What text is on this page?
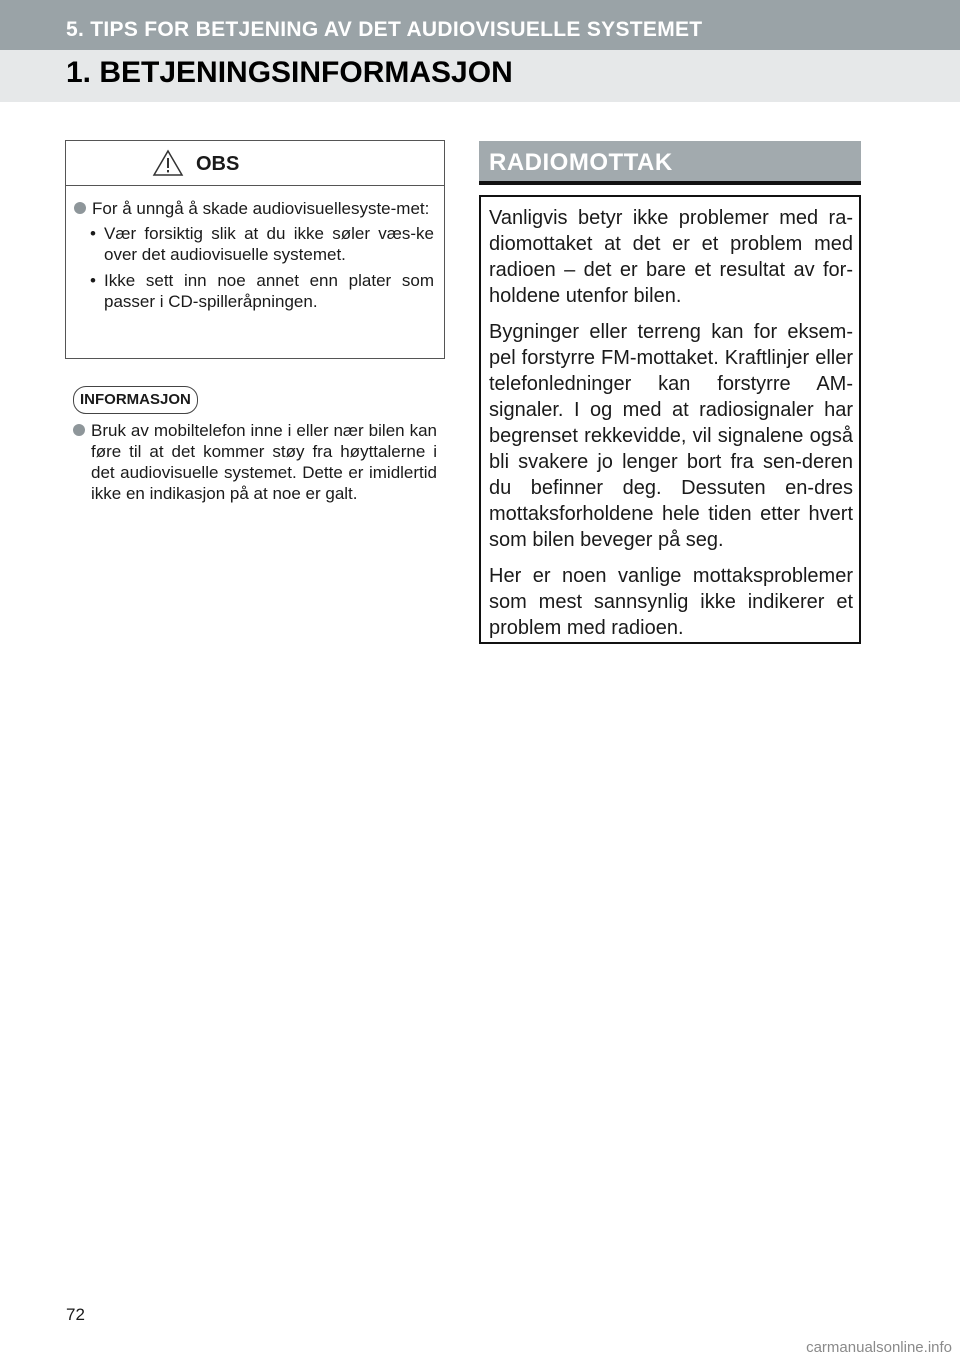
5. TIPS FOR BETJENING AV DET AUDIOVISUELLE SYSTEMET
1. BETJENINGSINFORMASJON
OBS
For å unngå å skade audiovisuellesyste-met:
• Vær forsiktig slik at du ikke søler væs-ke over det audiovisuelle systemet.
• Ikke sett inn noe annet enn plater som passer i CD-spilleråpningen.
INFORMASJON
Bruk av mobiltelefon inne i eller nær bilen kan føre til at det kommer støy fra høyttalerne i det audiovisuelle systemet. Dette er imidlertid ikke en indikasjon på at noe er galt.
RADIOMOTTAK

Vanligvis betyr ikke problemer med ra-diomottaket at det er et problem med radioen – det er bare et resultat av for-holdene utenfor bilen.

Bygninger eller terreng kan for eksem-pel forstyrre FM-mottaket. Kraftlinjer eller telefonledninger kan forstyrre AM-signaler. I og med at radiosignaler har begrenset rekkevidde, vil signalene også bli svakere jo lenger bort fra sen-deren du befinner deg. Dessuten en-dres mottaksforholdene hele tiden etter hvert som bilen beveger på seg.

Her er noen vanlige mottaksproblemer som mest sannsynlig ikke indikerer et problem med radioen.

72
carmanualsonline.info
